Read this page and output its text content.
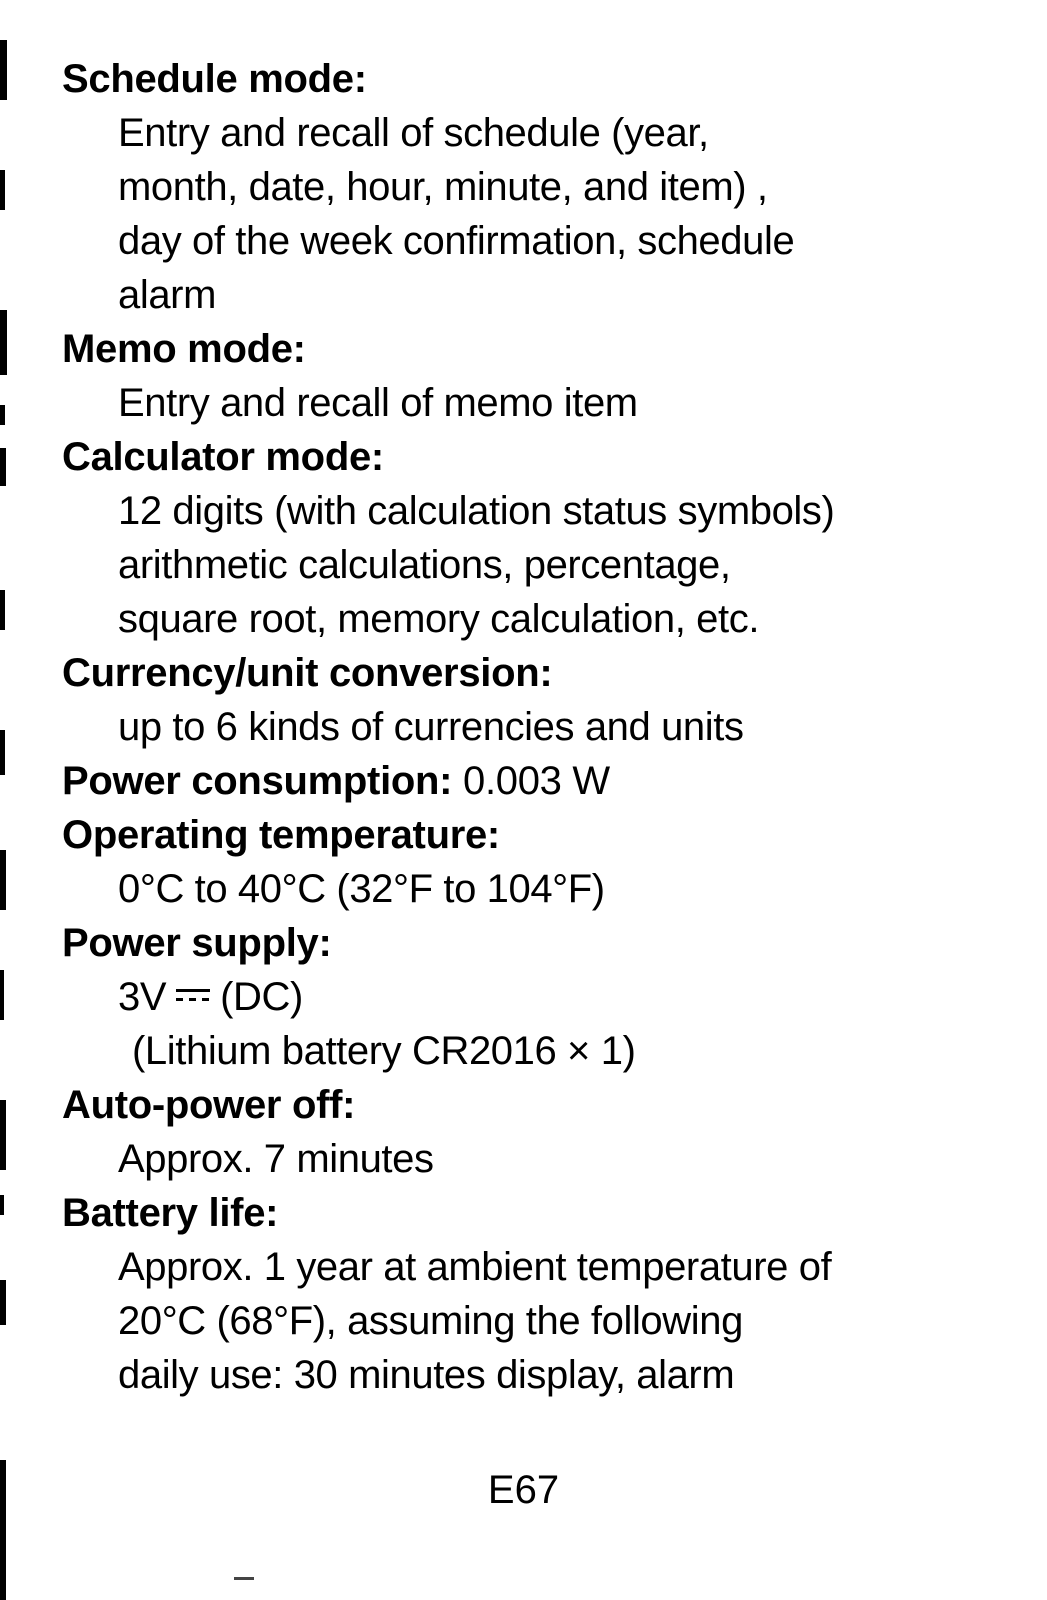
Schedule mode:
Entry and recall of schedule (year,
month, date, hour, minute, and item) ,
day of the week confirmation, schedule
alarm
Memo mode:
Entry and recall of memo item
Calculator mode:
12 digits (with calculation status symbols)
arithmetic calculations, percentage,
square root, memory calculation, etc.
Currency/unit conversion:
up to 6 kinds of currencies and units
Power consumption: 0.003 W
Operating temperature:
0°C to 40°C (32°F to 104°F)
Power supply:
3V (DC)
(Lithium battery CR2016 × 1)
Auto-power off:
Approx. 7 minutes
Battery life:
Approx. 1 year at ambient temperature of
20°C (68°F), assuming the following
daily use: 30 minutes display, alarm
E67
